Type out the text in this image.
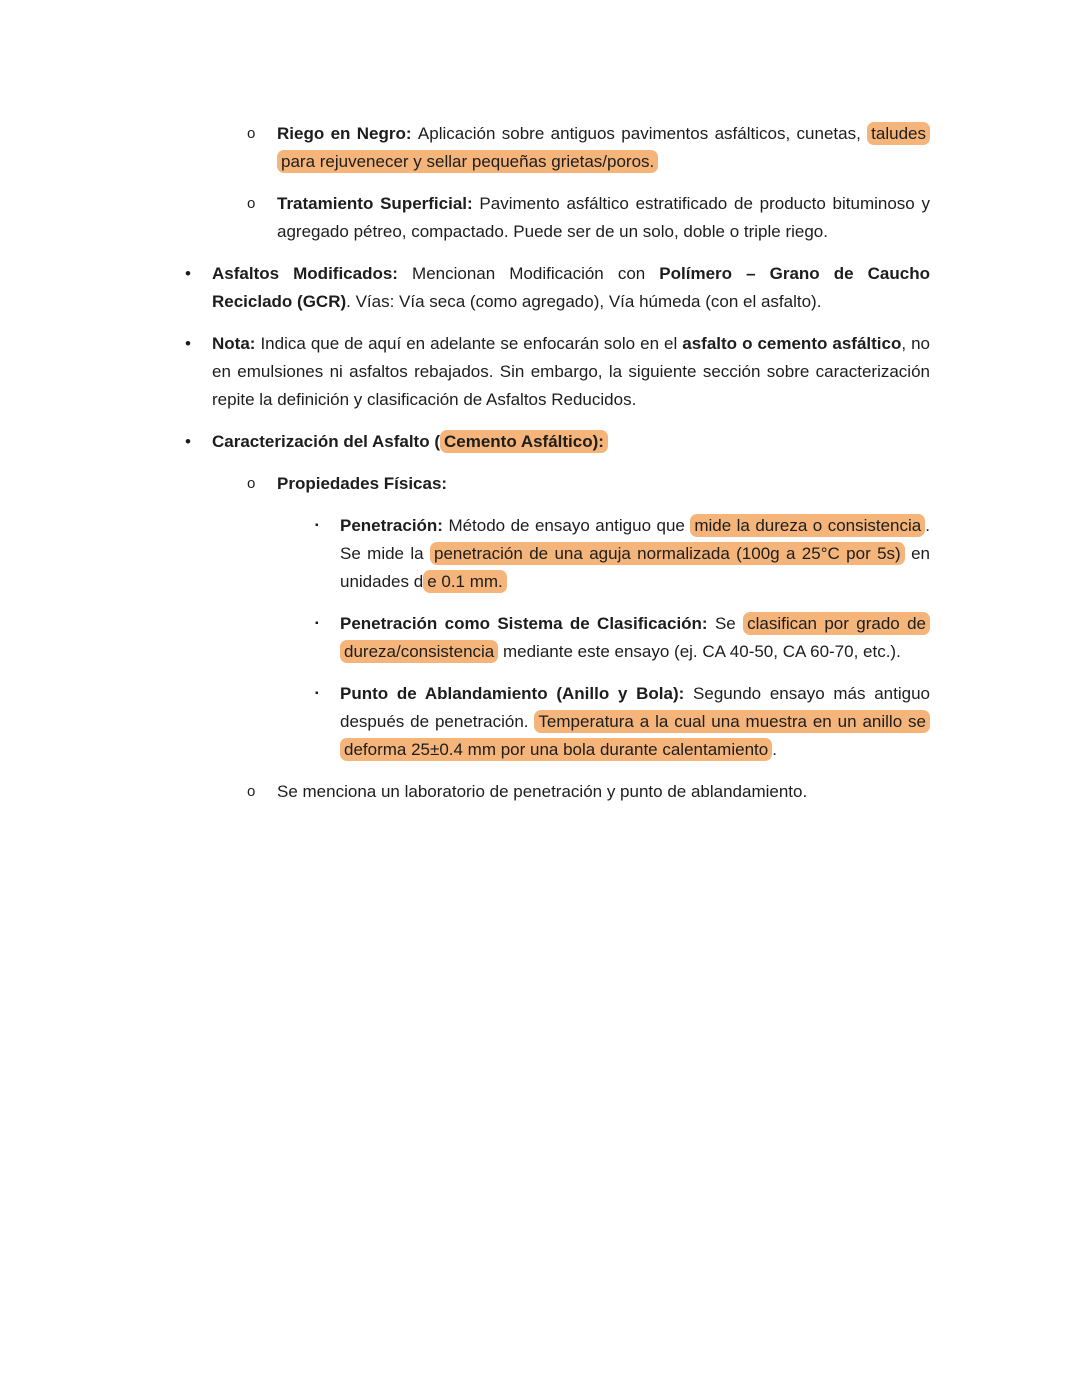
o	Riego en Negro: Aplicación sobre antiguos pavimentos asfálticos, cunetas, taludes para rejuvenecer y sellar pequeñas grietas/poros.
o	Tratamiento Superficial: Pavimento asfáltico estratificado de producto bituminoso y agregado pétreo, compactado. Puede ser de un solo, doble o triple riego.
•	Asfaltos Modificados: Mencionan Modificación con Polímero – Grano de Caucho Reciclado (GCR). Vías: Vía seca (como agregado), Vía húmeda (con el asfalto).
•	Nota: Indica que de aquí en adelante se enfocarán solo en el asfalto o cemento asfáltico, no en emulsiones ni asfaltos rebajados. Sin embargo, la siguiente sección sobre caracterización repite la definición y clasificación de Asfaltos Reducidos.
•	Caracterización del Asfalto ( Cemento Asfáltico):
o	Propiedades Físicas:
▪	Penetración: Método de ensayo antiguo que mide la dureza o consistencia . Se mide la penetración de una aguja normalizada (100g a 25°C por 5s) en unidades d e 0.1 mm.
▪	Penetración como Sistema de Clasificación: Se clasifican por grado de dureza/consistencia mediante este ensayo (ej. CA 40-50, CA 60-70, etc.).
▪	Punto de Ablandamiento (Anillo y Bola): Segundo ensayo más antiguo después de penetración. Temperatura a la cual una muestra en un anillo se deforma 25±0.4 mm por una bola durante calentamiento .
o	Se menciona un laboratorio de penetración y punto de ablandamiento.
